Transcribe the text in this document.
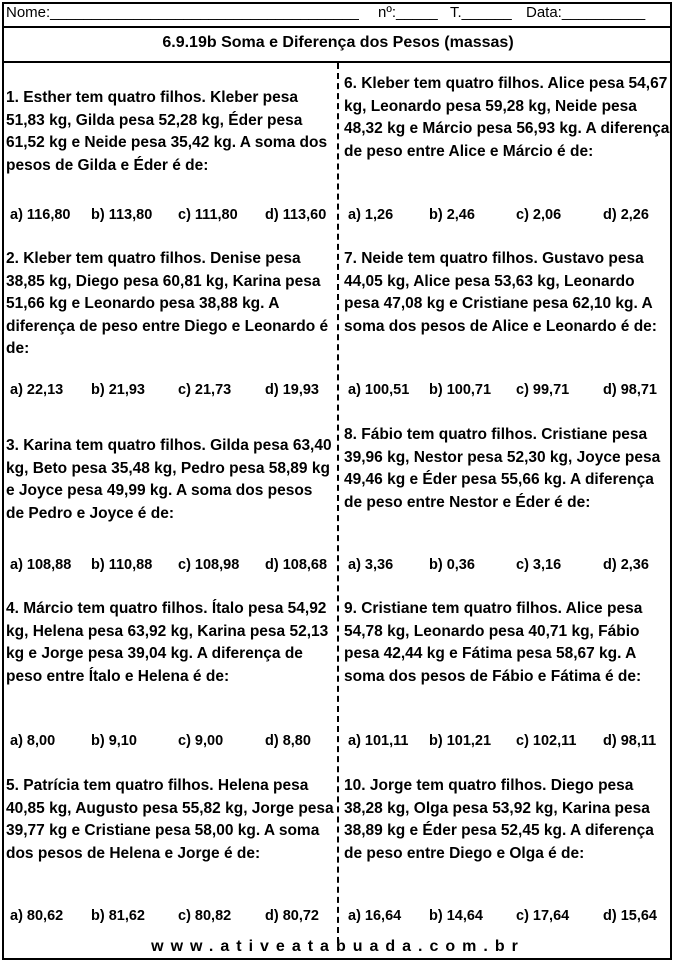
Nome:_____________________________________ nº:_____ T.______ Data:__________
6.9.19b Soma e Diferença dos Pesos (massas)
1. Esther tem quatro filhos. Kleber pesa 51,83 kg, Gilda pesa 52,28 kg, Éder pesa 61,52 kg e Neide pesa 35,42 kg. A soma dos pesos de Gilda e Éder é de:
a) 116,80 b) 113,80 c) 111,80 d) 113,60
2. Kleber tem quatro filhos. Denise pesa 38,85 kg, Diego pesa 60,81 kg, Karina pesa 51,66 kg e Leonardo pesa 38,88 kg. A diferença de peso entre Diego e Leonardo é de:
a) 22,13 b) 21,93 c) 21,73 d) 19,93
3. Karina tem quatro filhos. Gilda pesa 63,40 kg, Beto pesa 35,48 kg, Pedro pesa 58,89 kg e Joyce pesa 49,99 kg. A soma dos pesos de Pedro e Joyce é de:
a) 108,88 b) 110,88 c) 108,98 d) 108,68
4. Márcio tem quatro filhos. Ítalo pesa 54,92 kg, Helena pesa 63,92 kg, Karina pesa 52,13 kg e Jorge pesa 39,04 kg. A diferença de peso entre Ítalo e Helena é de:
a) 8,00 b) 9,10	c) 9,00	d) 8,80
5. Patrícia tem quatro filhos. Helena pesa 40,85 kg, Augusto pesa 55,82 kg, Jorge pesa 39,77 kg e Cristiane pesa 58,00 kg. A soma dos pesos de Helena e Jorge é de:
a) 80,62 b) 81,62 c) 80,82 d) 80,72
6. Kleber tem quatro filhos. Alice pesa 54,67 kg, Leonardo pesa 59,28 kg, Neide pesa 48,32 kg e Márcio pesa 56,93 kg. A diferença de peso entre Alice e Márcio é de:
a) 1,26 b) 2,46	c) 2,06	d) 2,26
7. Neide tem quatro filhos. Gustavo pesa 44,05 kg, Alice pesa 53,63 kg, Leonardo pesa 47,08 kg e Cristiane pesa 62,10 kg. A soma dos pesos de Alice e Leonardo é de:
a) 100,51 b) 100,71 c) 99,71 d) 98,71
8. Fábio tem quatro filhos. Cristiane pesa 39,96 kg, Nestor pesa 52,30 kg, Joyce pesa 49,46 kg e Éder pesa 55,66 kg. A diferença de peso entre Nestor e Éder é de:
a) 3,36 b) 0,36	c) 3,16	d) 2,36
9. Cristiane tem quatro filhos. Alice pesa 54,78 kg, Leonardo pesa 40,71 kg, Fábio pesa 42,44 kg e Fátima pesa 58,67 kg. A soma dos pesos de Fábio e Fátima é de:
a) 101,11 b) 101,21 c) 102,11 d) 98,11
10. Jorge tem quatro filhos. Diego pesa 38,28 kg, Olga pesa 53,92 kg, Karina pesa 38,89 kg e Éder pesa 52,45 kg. A diferença de peso entre Diego e Olga é de:
a) 16,64 b) 14,64 c) 17,64 d) 15,64
www.ativeatabuada.com.br
